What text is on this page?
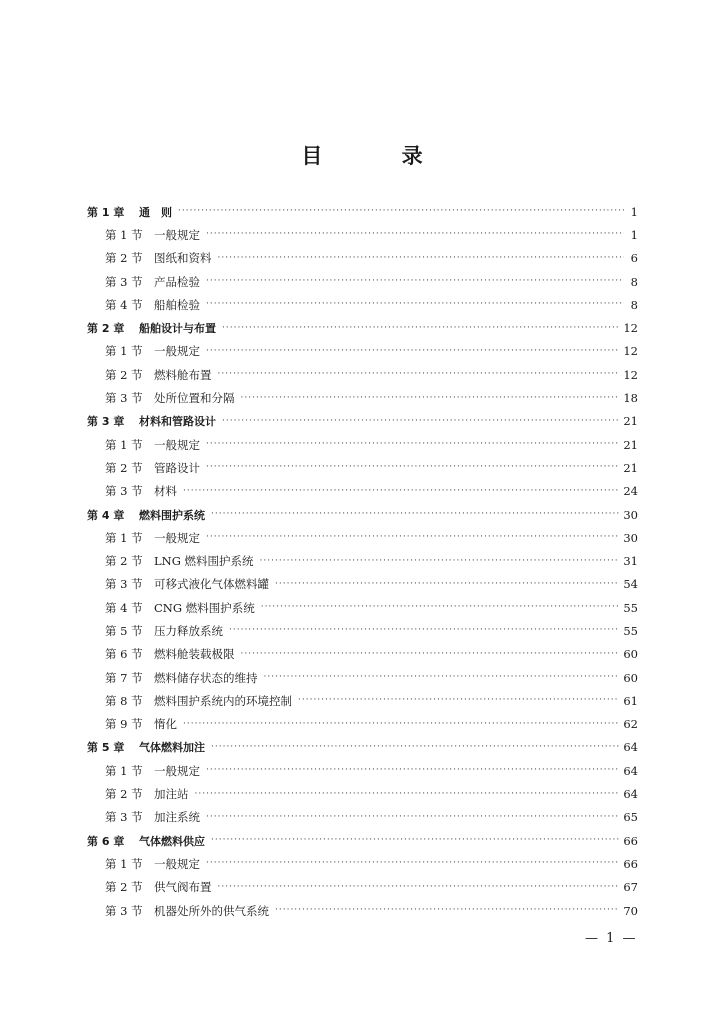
目 录
第 1 章	通　则 ·····	1
第 1 节 一般规定 ·····	1
第 2 节 图纸和资料 ·····	6
第 3 节 产品检验 ·····	8
第 4 节 船舶检验 ·····	8
第 2 章	船舶设计与布置 ·····	12
第 1 节 一般规定 ·····	12
第 2 节 燃料舱布置 ·····	12
第 3 节 处所位置和分隔 ·····	18
第 3 章	材料和管路设计 ·····	21
第 1 节 一般规定 ·····	21
第 2 节 管路设计 ·····	21
第 3 节 材料 ·····	24
第 4 章	燃料围护系统 ·····	30
第 1 节 一般规定 ·····	30
第 2 节 LNG 燃料围护系统 ·····	31
第 3 节 可移式液化气体燃料罐 ·····	54
第 4 节 CNG 燃料围护系统 ·····	55
第 5 节 压力释放系统 ·····	55
第 6 节 燃料舱装载极限 ·····	60
第 7 节 燃料储存状态的维持 ·····	60
第 8 节 燃料围护系统内的环境控制 ·····	61
第 9 节 惰化 ·····	62
第 5 章	气体燃料加注 ·····	64
第 1 节 一般规定 ·····	64
第 2 节 加注站 ·····	64
第 3 节 加注系统 ·····	65
第 6 章	气体燃料供应 ·····	66
第 1 节 一般规定 ·····	66
第 2 节 供气阀布置 ·····	67
第 3 节 机器处所外的供气系统 ·····	70
— 1 —
